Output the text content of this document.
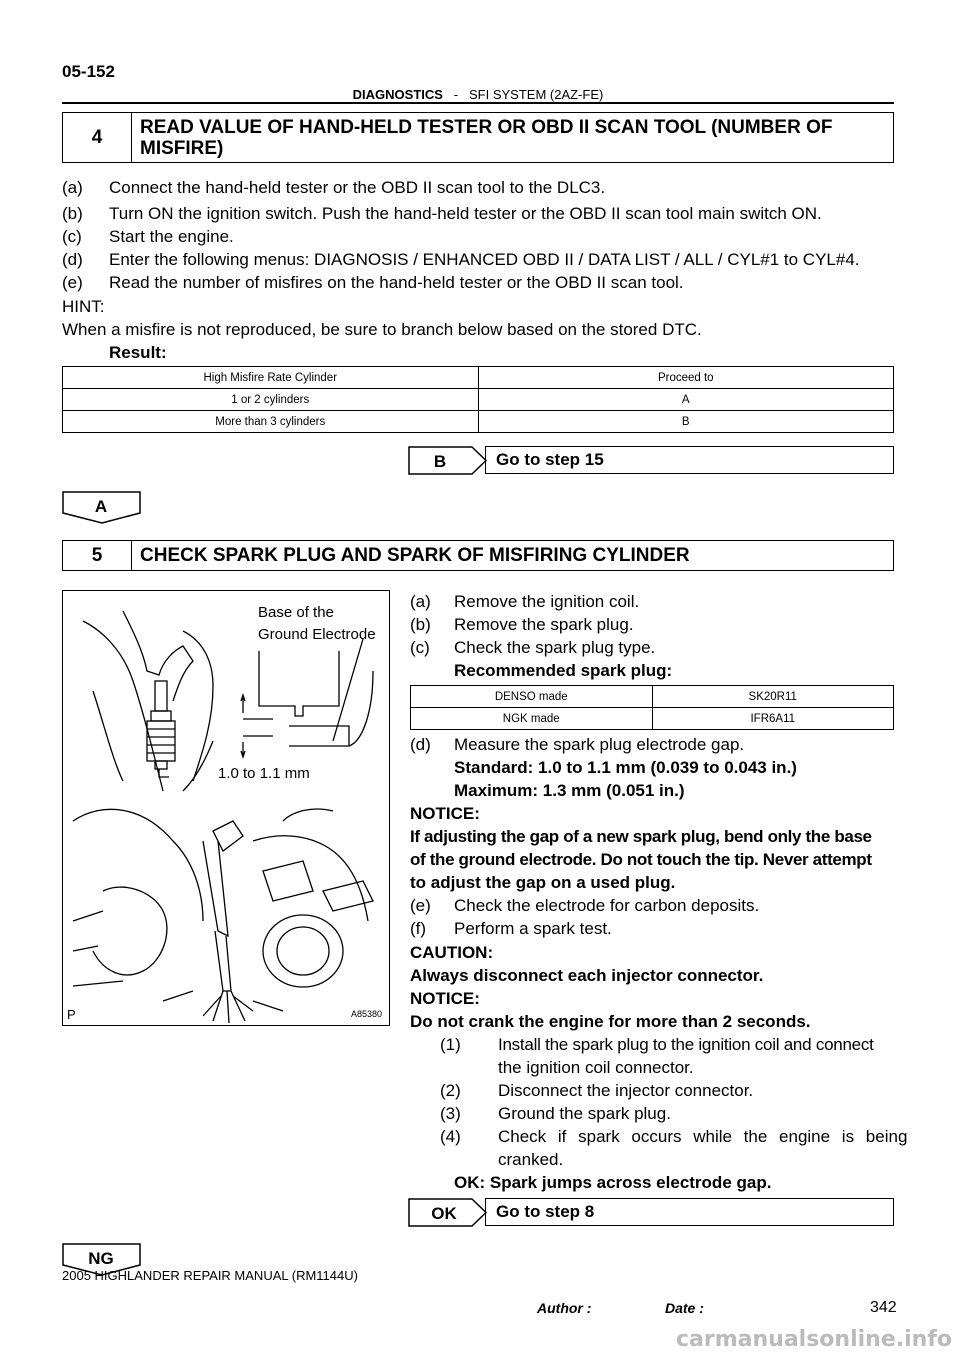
05-152
DIAGNOSTICS - SFI SYSTEM (2AZ-FE)
4	READ VALUE OF HAND-HELD TESTER OR OBD II SCAN TOOL (NUMBER OF MISFIRE)
(a) Connect the hand-held tester or the OBD II scan tool to the DLC3.
(b) Turn ON the ignition switch. Push the hand-held tester or the OBD II scan tool main switch ON.
(c) Start the engine.
(d) Enter the following menus: DIAGNOSIS / ENHANCED OBD II / DATA LIST / ALL / CYL#1 to CYL#4.
(e) Read the number of misfires on the hand-held tester or the OBD II scan tool.
HINT:
When a misfire is not reproduced, be sure to branch below based on the stored DTC.
Result:
High Misfire Rate Cylinder	Proceed to
1 or 2 cylinders	A
More than 3 cylinders	B
B	Go to step 15
A
5	CHECK SPARK PLUG AND SPARK OF MISFIRING CYLINDER
Base of the
Ground Electrode
1.0 to 1.1 mm
A85380
P
(a) Remove the ignition coil.
(b) Remove the spark plug.
(c) Check the spark plug type.
Recommended spark plug:
DENSO made	SK20R11
NGK made	IFR6A11
(d) Measure the spark plug electrode gap.
Standard: 1.0 to 1.1 mm (0.039 to 0.043 in.)
Maximum: 1.3 mm (0.051 in.)
NOTICE:
If adjusting the gap of a new spark plug, bend only the base
of the ground electrode. Do not touch the tip. Never attempt
to adjust the gap on a used plug.
(e) Check the electrode for carbon deposits.
(f) Perform a spark test.
CAUTION:
Always disconnect each injector connector.
NOTICE:
Do not crank the engine for more than 2 seconds.
(1) Install the spark plug to the ignition coil and connect
the ignition coil connector.
(2) Disconnect the injector connector.
(3) Ground the spark plug.
(4) Check if spark occurs while the engine is being
cranked.
OK: Spark jumps across electrode gap.
OK	Go to step 8
NG
2005 HIGHLANDER REPAIR MANUAL (RM1144U)
Author :	Date :	342
carmanualsonline.info
